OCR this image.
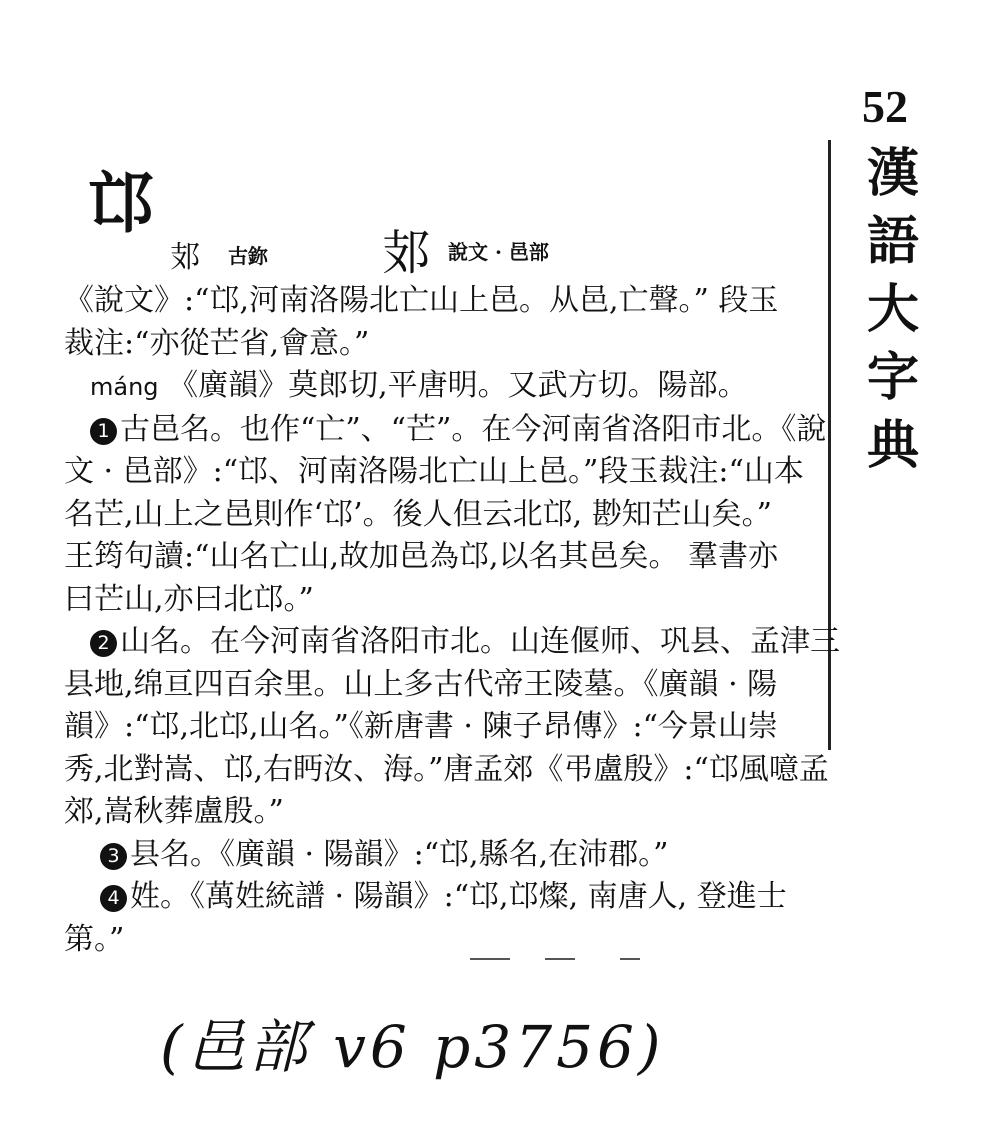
52
漢
語
大
字
典
邙
𨙸 古鉨 𨙸 說文 · 邑部
《說文》:“邙,河南洛陽北亡山上邑。从邑,亡聲。” 段玉
裁注:“亦從芒省,會意。”
máng 《廣韻》莫郎切,平唐明。又武方切。陽部。
1 古邑名。也作“亡”、“芒”。在今河南省洛阳市北。《說
文 · 邑部》:“邙、河南洛陽北亡山上邑。”段玉裁注:“山本
名芒,山上之邑則作‘邙’。後人但云北邙, 尠知芒山矣。”
王筠句讀:“山名亡山,故加邑為邙,以名其邑矣。 羣書亦
曰芒山,亦曰北邙。”
2 山名。在今河南省洛阳市北。山连偃师、巩县、孟津三
县地,绵亘四百余里。山上多古代帝王陵墓。《廣韻 · 陽
韻》:“邙,北邙,山名。”《新唐書 · 陳子昂傳》:“今景山崇
秀,北對嵩、邙,右眄汝、海。”唐孟郊《弔盧殷》:“邙風噫孟
郊,嵩秋葬盧殷。”
3 县名。《廣韻 · 陽韻》:“邙,縣名,在沛郡。”
4 姓。《萬姓統譜 · 陽韻》:“邙,邙燦, 南唐人, 登進士
第。”
(邑部 v6 p3756)
